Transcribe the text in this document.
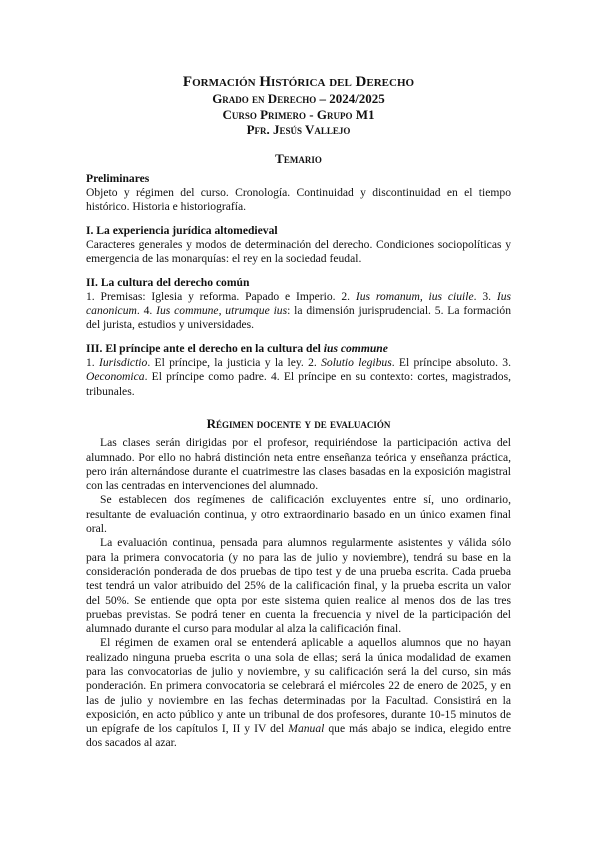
Formación Histórica del Derecho

Grado en Derecho – 2024/2025

Curso Primero - Grupo M1

Pfr. Jesús Vallejo

Temario

Preliminares

Objeto y régimen del curso. Cronología. Continuidad y discontinuidad en el tiempo histórico. Historia e historiografía.

I. La experiencia jurídica altomedieval

Caracteres generales y modos de determinación del derecho. Condiciones sociopolíticas y emergencia de las monarquías: el rey en la sociedad feudal.

II. La cultura del derecho común

1. Premisas: Iglesia y reforma. Papado e Imperio. 2. Ius romanum, ius ciuile. 3. Ius canonicum. 4. Ius commune, utrumque ius: la dimensión jurisprudencial. 5. La formación del jurista, estudios y universidades.

III. El príncipe ante el derecho en la cultura del ius commune

1. Iurisdictio. El príncipe, la justicia y la ley. 2. Solutio legibus. El príncipe absoluto. 3. Oeconomica. El príncipe como padre. 4. El príncipe en su contexto: cortes, magistrados, tribunales.

Régimen docente y de evaluación

Las clases serán dirigidas por el profesor, requiriéndose la participación activa del alumnado. Por ello no habrá distinción neta entre enseñanza teórica y enseñanza práctica, pero irán alternándose durante el cuatrimestre las clases basadas en la exposición magistral con las centradas en intervenciones del alumnado.

Se establecen dos regímenes de calificación excluyentes entre sí, uno ordinario, resultante de evaluación continua, y otro extraordinario basado en un único examen final oral.

La evaluación continua, pensada para alumnos regularmente asistentes y válida sólo para la primera convocatoria (y no para las de julio y noviembre), tendrá su base en la consideración ponderada de dos pruebas de tipo test y de una prueba escrita. Cada prueba test tendrá un valor atribuido del 25% de la calificación final, y la prueba escrita un valor del 50%. Se entiende que opta por este sistema quien realice al menos dos de las tres pruebas previstas. Se podrá tener en cuenta la frecuencia y nivel de la participación del alumnado durante el curso para modular al alza la calificación final.

El régimen de examen oral se entenderá aplicable a aquellos alumnos que no hayan realizado ninguna prueba escrita o una sola de ellas; será la única modalidad de examen para las convocatorias de julio y noviembre, y su calificación será la del curso, sin más ponderación. En primera convocatoria se celebrará el miércoles 22 de enero de 2025, y en las de julio y noviembre en las fechas determinadas por la Facultad. Consistirá en la exposición, en acto público y ante un tribunal de dos profesores, durante 10-15 minutos de un epígrafe de los capítulos I, II y IV del Manual que más abajo se indica, elegido entre dos sacados al azar.
